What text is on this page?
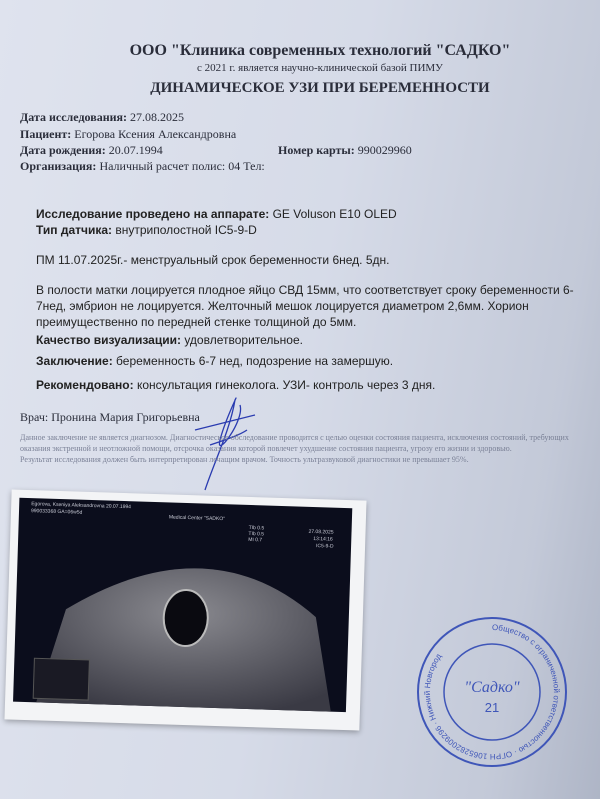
ООО "Клиника современных технологий "САДКО"
с 2021 г. является научно-клинической базой ПИМУ
ДИНАМИЧЕСКОЕ УЗИ ПРИ БЕРЕМЕННОСТИ
Дата исследования: 27.08.2025
Пациент: Егорова Ксения Александровна
Дата рождения: 20.07.1994	Номер карты: 990029960
Организация: Наличный расчет полис: 04 Тел:
Исследование проведено на аппарате: GE Voluson E10 OLED
Тип датчика: внутриполостной IC5-9-D
ПМ 11.07.2025г.- менструальный срок беременности 6нед. 5дн.
В полости матки лоцируется плодное яйцо СВД 15мм, что соответствует сроку беременности 6-7нед, эмбрион не лоцируется. Желточный мешок лоцируется диаметром 2,6мм. Хорион преимущественно по передней стенке толщиной до 5мм.
Качество визуализации: удовлетворительное.
Заключение: беременность 6-7 нед, подозрение на замершую.
Рекомендовано: консультация гинеколога. УЗИ- контроль через 3 дня.
Врач: Пронина Мария Григорьевна
Данное заключение не является диагнозом. Диагностическое обследование проводится с целью оценки состояния пациента, исключения состояний, требующих
оказания экстренной и неотложной помощи, отсрочка оказания которой повлечет ухудшение состояния пациента, угрозу его жизни и здоровью.
Результат исследования должен быть интерпретирован лечащим врачом. Точность ультразвуковой диагностики не превышает 95%.
Egorova, Kseniya Aleksandrovna 20.07.1994
990033368 GA=06w5d
Medical Center "SADKO"
TIb 0.5
TIb 0.5
MI 0.7
27.08.2025
13:14:16
IC5-9-D
"Садко"
21
Общество с ограниченной ответственностью · ОГРН 1065282009296 · Нижний Новгород
